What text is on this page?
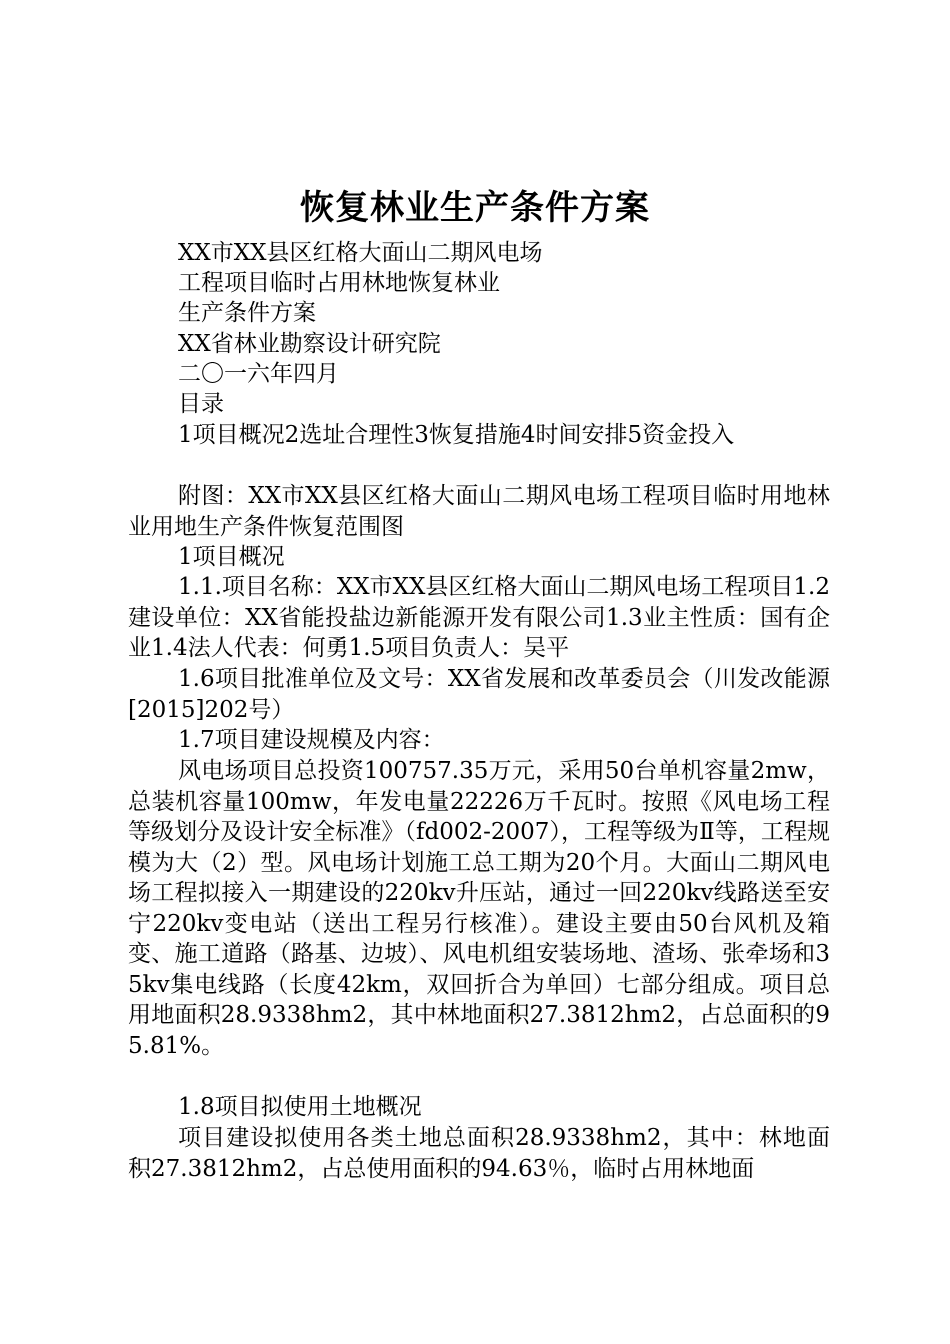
恢复林业生产条件方案
XX市XX县区红格大面山二期风电场
工程项目临时占用林地恢复林业
生产条件方案
XX省林业勘察设计研究院
二〇一六年四月
目录
1项目概况2选址合理性3恢复措施4时间安排5资金投入
附图：XX市XX县区红格大面山二期风电场工程项目临时用地林业用地生产条件恢复范围图
1项目概况
1.1.项目名称：XX市XX县区红格大面山二期风电场工程项目1.2建设单位：XX省能投盐边新能源开发有限公司1.3业主性质：国有企业1.4法人代表：何勇1.5项目负责人：吴平
1.6项目批准单位及文号：XX省发展和改革委员会（川发改能源[2015]202号）
1.7项目建设规模及内容：
风电场项目总投资100757.35万元，采用50台单机容量2mw，总装机容量100mw，年发电量22226万千瓦时。按照《风电场工程等级划分及设计安全标准》（fd002-2007），工程等级为Ⅱ等，工程规模为大（2）型。风电场计划施工总工期为20个月。大面山二期风电场工程拟接入一期建设的220kv升压站，通过一回220kv线路送至安宁220kv变电站（送出工程另行核准）。建设主要由50台风机及箱变、施工道路（路基、边坡）、风电机组安装场地、渣场、张牵场和35kv集电线路（长度42km，双回折合为单回）七部分组成。项目总用地面积28.9338hm2，其中林地面积27.3812hm2，占总面积的95.81%。
1.8项目拟使用土地概况
项目建设拟使用各类土地总面积28.9338hm2，其中：林地面积27.3812hm2，占总使用面积的94.63％，临时占用林地面
